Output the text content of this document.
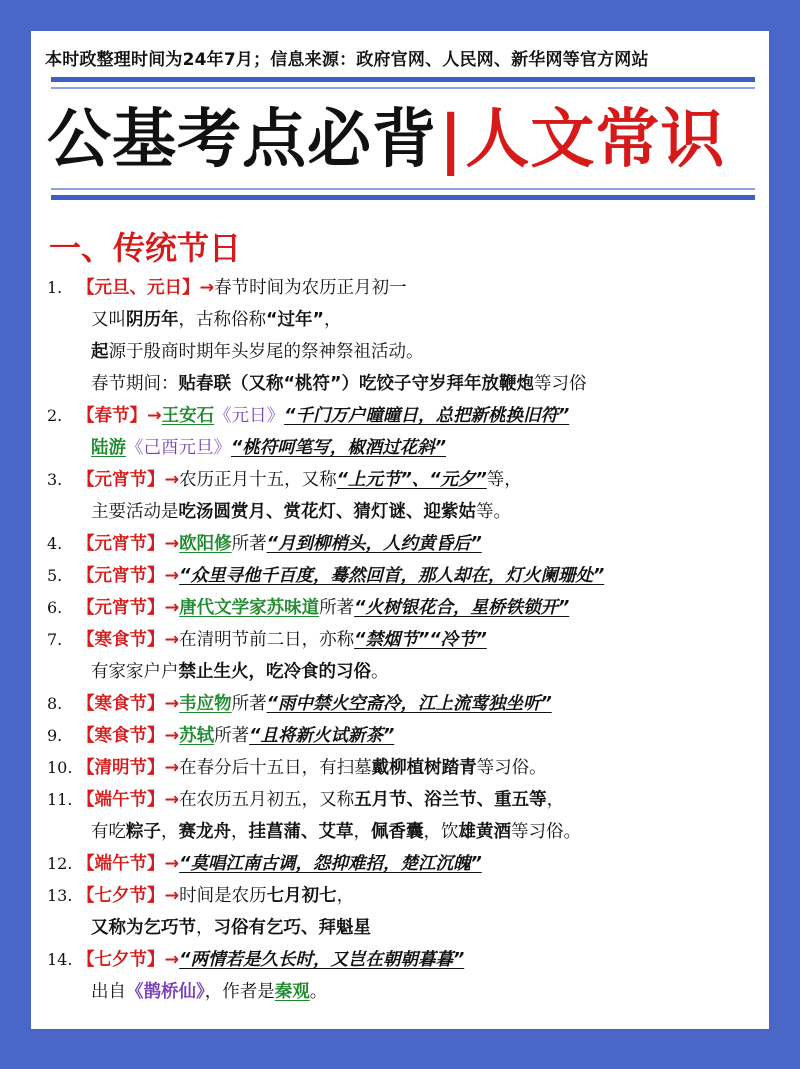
本时政整理时间为24年7月；信息来源：政府官网、人民网、新华网等官方网站
公基考点必背|人文常识
一、传统节日
1. 【元旦、元日】→春节时间为农历正月初一
又叫阴历年，古称俗称“过年”，
起源于殷商时期年头岁尾的祭神祭祖活动。
春节期间：贴春联（又称“桃符”）吃饺子守岁拜年放鞭炮等习俗
2. 【春节】→王安石《元日》“千门万户曈曈日，总把新桃换旧符”
陆游《己酉元旦》“桃符呵笔写，椒酒过花斜”
3. 【元宵节】→农历正月十五，又称“上元节”、“元夕”等，
主要活动是吃汤圆赏月、赏花灯、猜灯谜、迎紫姑等。
4. 【元宵节】→欧阳修所著“月到柳梢头，人约黄昏后”
5. 【元宵节】→“众里寻他千百度，蓦然回首，那人却在，灯火阑珊处”
6. 【元宵节】→唐代文学家苏味道所著“火树银花合，星桥铁锁开”
7. 【寒食节】→在清明节前二日，亦称“禁烟节”“冷节”
有家家户户禁止生火，吃冷食的习俗。
8. 【寒食节】→韦应物所著“雨中禁火空斋冷，江上流莺独坐听”
9. 【寒食节】→苏轼所著“且将新火试新茶”
10. 【清明节】→在春分后十五日，有扫墓戴柳植树踏青等习俗。
11. 【端午节】→在农历五月初五，又称五月节、浴兰节、重五等，
有吃粽子，赛龙舟，挂菖蒲、艾草，佩香囊，饮雄黄酒等习俗。
12. 【端午节】→“莫唱江南古调，怨抑难招，楚江沉魄”
13. 【七夕节】→时间是农历七月初七，
又称为乞巧节，习俗有乞巧、拜魁星
14. 【七夕节】→“两情若是久长时，又岂在朝朝暮暮”
出自《鹊桥仙》，作者是秦观。
